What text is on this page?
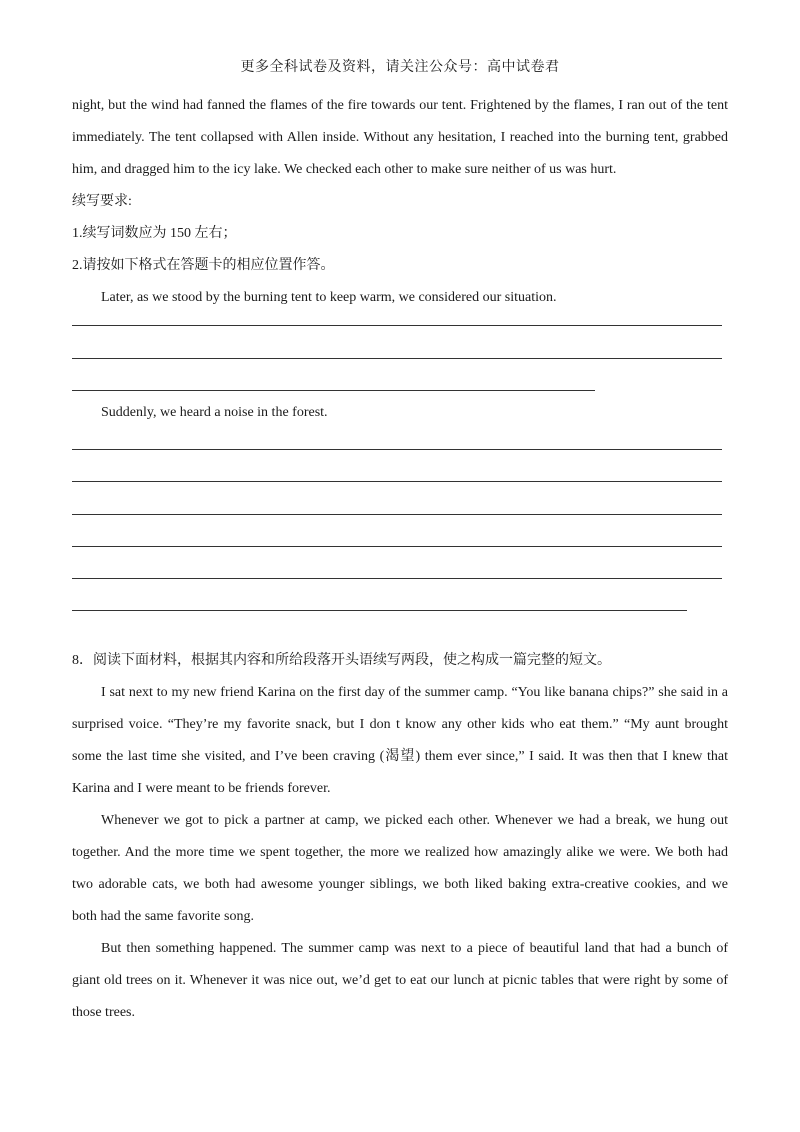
更多全科试卷及资料，请关注公众号：高中试卷君
night, but the wind had fanned the flames of the fire towards our tent. Frightened by the flames, I ran out of the tent
immediately. The tent collapsed with Allen inside. Without any hesitation, I reached into the burning tent, grabbed
him, and dragged him to the icy lake. We checked each other to make sure neither of us was hurt.
续写要求:
1.续写词数应为 150 左右；
2.请按如下格式在答题卡的相应位置作答。
Later, as we stood by the burning tent to keep warm, we considered our situation.
Suddenly, we heard a noise in the forest.
8．阅读下面材料，根据其内容和所给段落开头语续写两段，使之构成一篇完整的短文。
I sat next to my new friend Karina on the first day of the summer camp. “You like banana chips?” she said in a
surprised voice. “They’re my favorite snack, but I don t know any other kids who eat them.” “My aunt brought
some the last time she visited, and I’ve been craving (渴望) them ever since,” I said. It was then that I knew that
Karina and I were meant to be friends forever.
Whenever we got to pick a partner at camp, we picked each other. Whenever we had a break, we hung out
together. And the more time we spent together, the more we realized how amazingly alike we were. We both had
two adorable cats, we both had awesome younger siblings, we both liked baking extra-creative cookies, and we
both had the same favorite song.
But then something happened. The summer camp was next to a piece of beautiful land that had a bunch of
giant old trees on it. Whenever it was nice out, we’d get to eat our lunch at picnic tables that were right by some of
those trees.
